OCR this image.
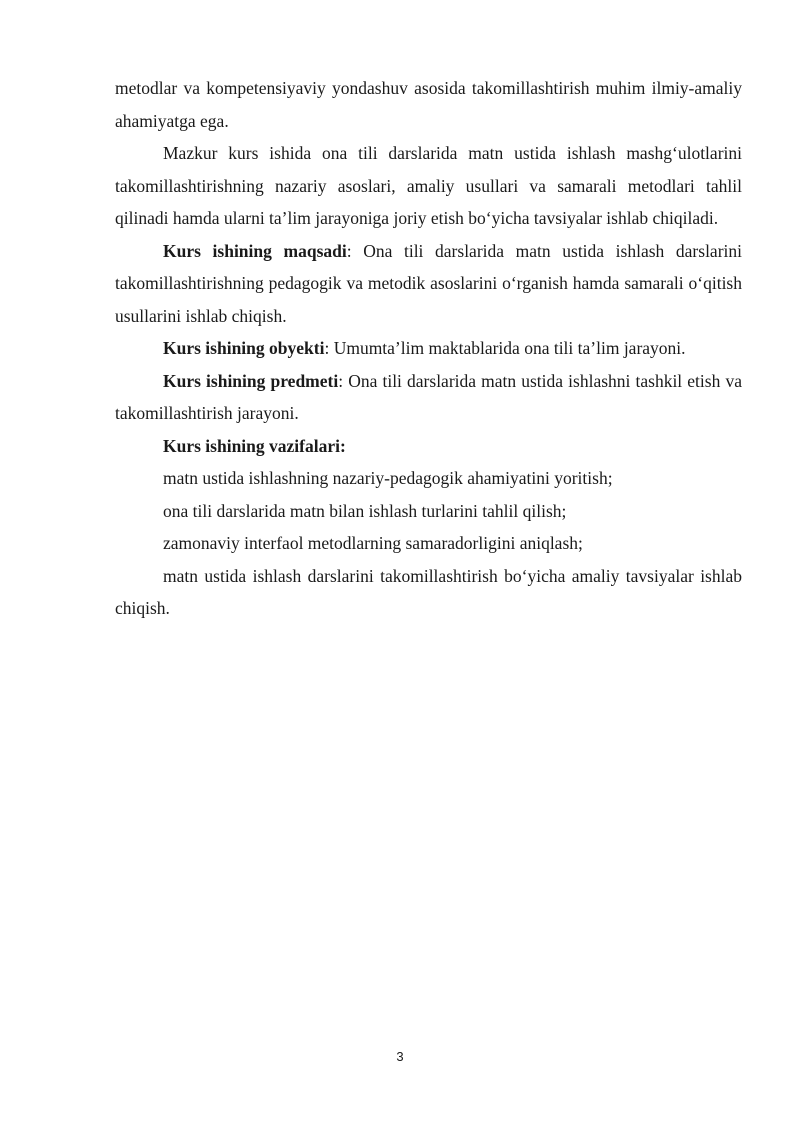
metodlar va kompetensiyaviy yondashuv asosida takomillashtirish muhim ilmiy-amaliy ahamiyatga ega.

Mazkur kurs ishida ona tili darslarida matn ustida ishlash mashg‘ulotlarini takomillashtirishning nazariy asoslari, amaliy usullari va samarali metodlari tahlil qilinadi hamda ularni ta’lim jarayoniga joriy etish bo‘yicha tavsiyalar ishlab chiqiladi.

Kurs ishining maqsadi: Ona tili darslarida matn ustida ishlash darslarini takomillashtirishning pedagogik va metodik asoslarini o‘rganish hamda samarali o‘qitish usullarini ishlab chiqish.

Kurs ishining obyekti: Umumta’lim maktablarida ona tili ta’lim jarayoni.

Kurs ishining predmeti: Ona tili darslarida matn ustida ishlashni tashkil etish va takomillashtirish jarayoni.

Kurs ishining vazifalari:

matn ustida ishlashning nazariy-pedagogik ahamiyatini yoritish;

ona tili darslarida matn bilan ishlash turlarini tahlil qilish;

zamonaviy interfaol metodlarning samaradorligini aniqlash;

matn ustida ishlash darslarini takomillashtirish bo‘yicha amaliy tavsiyalar ishlab chiqish.

3
